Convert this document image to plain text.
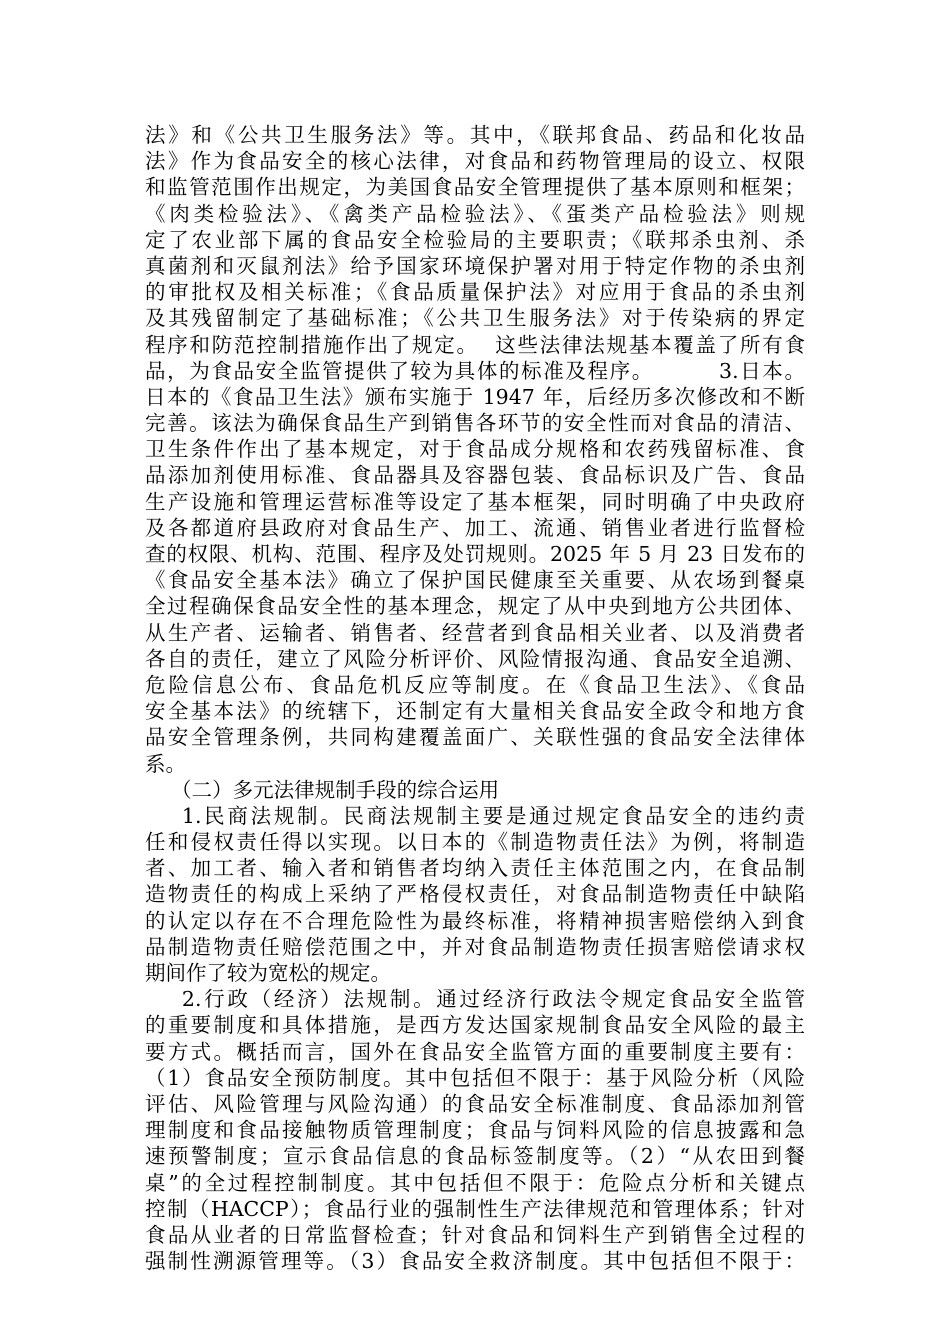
法》和《公共卫生服务法》等。其中，《联邦食品、药品和化妆品
法》作为食品安全的核心法律，对食品和药物管理局的设立、权限
和监管范围作出规定，为美国食品安全管理提供了基本原则和框架；
《肉类检验法》、《禽类产品检验法》、《蛋类产品检验法》则规
定了农业部下属的食品安全检验局的主要职责；《联邦杀虫剂、杀
真菌剂和灭鼠剂法》给予国家环境保护署对用于特定作物的杀虫剂
的审批权及相关标准；《食品质量保护法》对应用于食品的杀虫剂
及其残留制定了基础标准；《公共卫生服务法》对于传染病的界定
程序和防范控制措施作出了规定。  这些法律法规基本覆盖了所有食
品，为食品安全监管提供了较为具体的标准及程序。        3.日本。
日本的《食品卫生法》颁布实施于 1947 年，后经历多次修改和不断
完善。该法为确保食品生产到销售各环节的安全性而对食品的清洁、
卫生条件作出了基本规定，对于食品成分规格和农药残留标准、食
品添加剂使用标准、食品器具及容器包装、食品标识及广告、食品
生产设施和管理运营标准等设定了基本框架，同时明确了中央政府
及各都道府县政府对食品生产、加工、流通、销售业者进行监督检
查的权限、机构、范围、程序及处罚规则。2025 年 5 月 23 日发布的
《食品安全基本法》确立了保护国民健康至关重要、从农场到餐桌
全过程确保食品安全性的基本理念，规定了从中央到地方公共团体、
从生产者、运输者、销售者、经营者到食品相关业者、以及消费者
各自的责任，建立了风险分析评价、风险情报沟通、食品安全追溯、
危险信息公布、食品危机反应等制度。在《食品卫生法》、《食品
安全基本法》的统辖下，还制定有大量相关食品安全政令和地方食
品安全管理条例，共同构建覆盖面广、关联性强的食品安全法律体
系。
（二）多元法律规制手段的综合运用
1.民商法规制。民商法规制主要是通过规定食品安全的违约责
任和侵权责任得以实现。以日本的《制造物责任法》为例，将制造
者、加工者、输入者和销售者均纳入责任主体范围之内，在食品制
造物责任的构成上采纳了严格侵权责任，对食品制造物责任中缺陷
的认定以存在不合理危险性为最终标准，将精神损害赔偿纳入到食
品制造物责任赔偿范围之中，并对食品制造物责任损害赔偿请求权
期间作了较为宽松的规定。
2.行政（经济）法规制。通过经济行政法令规定食品安全监管
的重要制度和具体措施，是西方发达国家规制食品安全风险的最主
要方式。概括而言，国外在食品安全监管方面的重要制度主要有：
（1）食品安全预防制度。其中包括但不限于：基于风险分析（风险
评估、风险管理与风险沟通）的食品安全标准制度、食品添加剂管
理制度和食品接触物质管理制度；食品与饲料风险的信息披露和急
速预警制度；宣示食品信息的食品标签制度等。（2）“从农田到餐
桌”的全过程控制制度。其中包括但不限于：危险点分析和关键点
控制（HACCP）；食品行业的强制性生产法律规范和管理体系；针对
食品从业者的日常监督检查；针对食品和饲料生产到销售全过程的
强制性溯源管理等。（3）食品安全救济制度。其中包括但不限于：
